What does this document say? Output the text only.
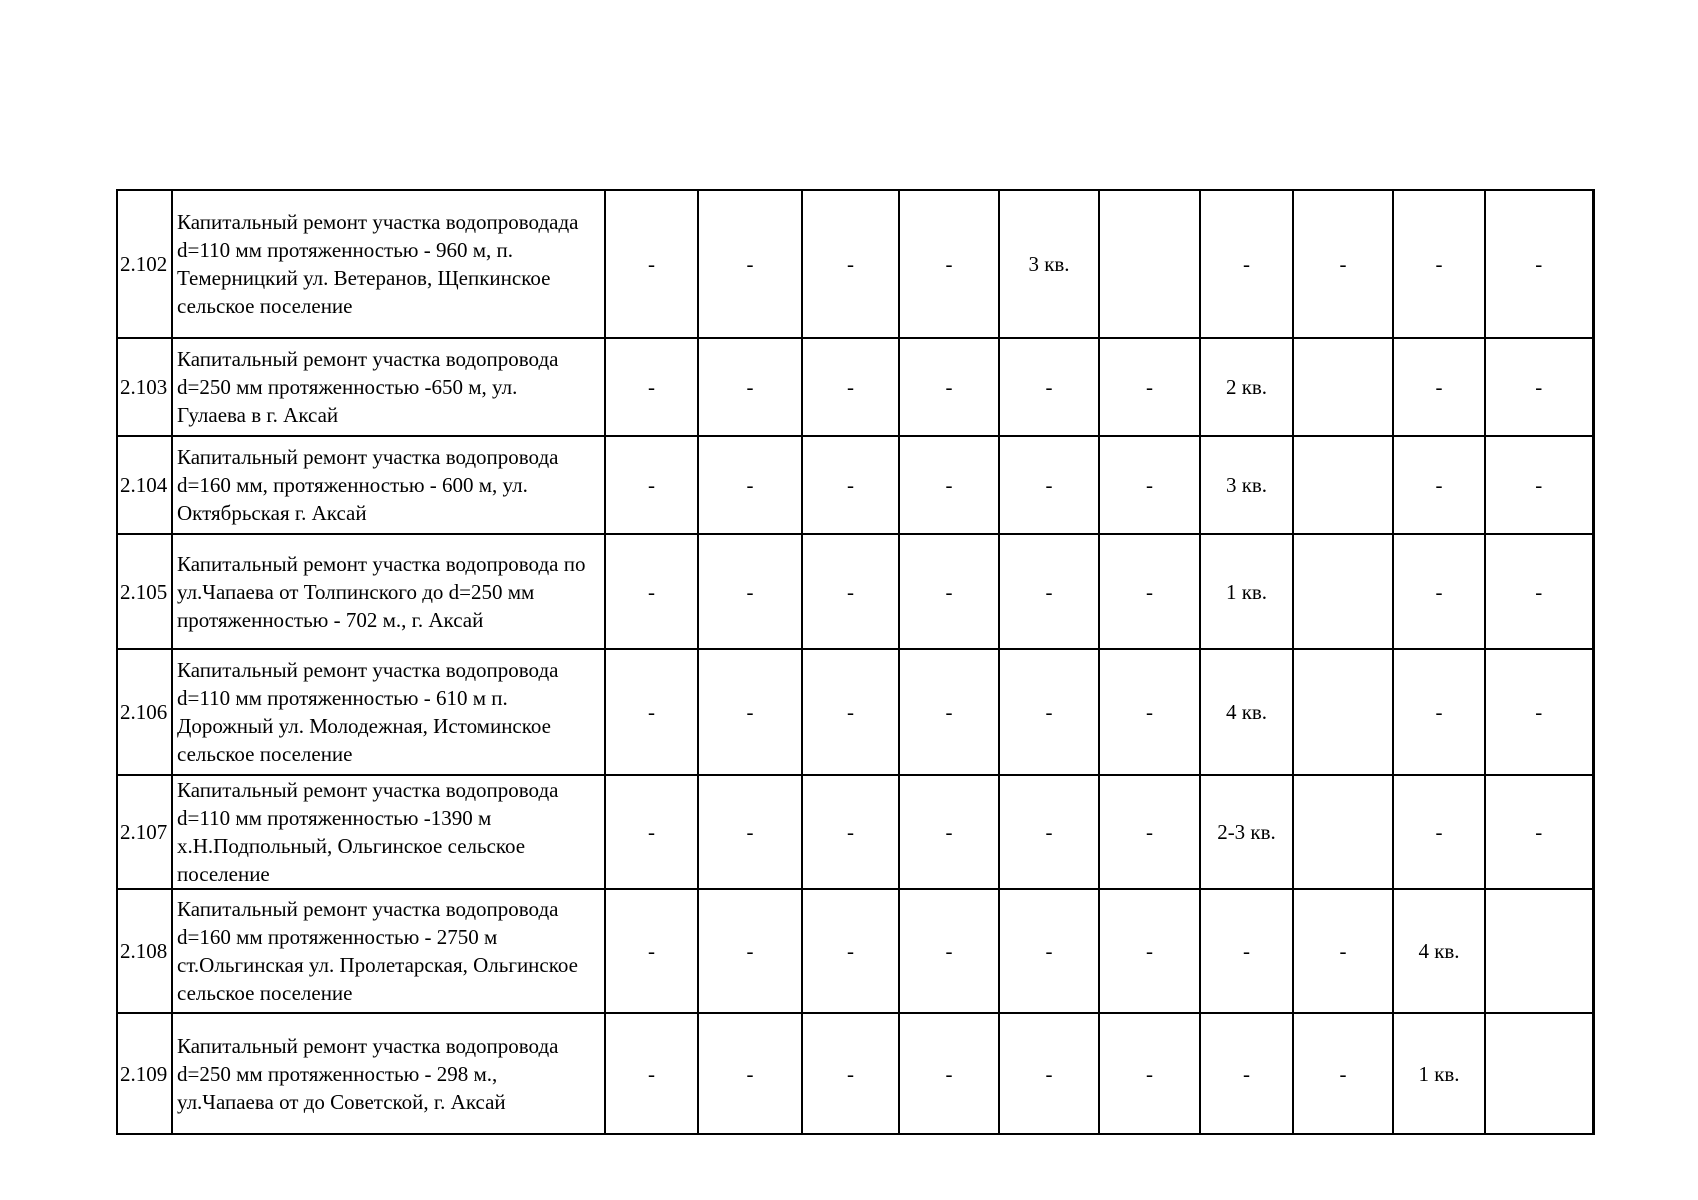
2.102	Капитальный ремонт участка водопроводада
d=110 мм протяженностью - 960 м, п.
Темерницкий ул. Ветеранов, Щепкинское
сельское поселение	-	-	-	-	3 кв.		-	-	-	-
2.103	Капитальный ремонт участка водопровода
d=250 мм протяженностью -650 м, ул.
Гулаева в г. Аксай	-	-	-	-	-	-	2 кв.		-	-
2.104	Капитальный ремонт участка водопровода
d=160 мм, протяженностью - 600 м, ул.
Октябрьская г. Аксай	-	-	-	-	-	-	3 кв.		-	-
2.105	Капитальный ремонт участка водопровода по
ул.Чапаева от Толпинского до d=250 мм
протяженностью - 702 м., г. Аксай	-	-	-	-	-	-	1 кв.		-	-
2.106	Капитальный ремонт участка водопровода
d=110 мм протяженностью - 610 м п.
Дорожный ул. Молодежная, Истоминское
сельское поселение	-	-	-	-	-	-	4 кв.		-	-
2.107	Капитальный ремонт участка водопровода
d=110 мм протяженностью -1390 м
х.Н.Подпольный, Ольгинское сельское
поселение	-	-	-	-	-	-	2-3 кв.		-	-
2.108	Капитальный ремонт участка водопровода
d=160 мм протяженностью - 2750 м
ст.Ольгинская ул. Пролетарская, Ольгинское
сельское поселение	-	-	-	-	-	-	-	-	4 кв.	
2.109	Капитальный ремонт участка водопровода
d=250 мм протяженностью - 298 м.,
ул.Чапаева от до Советской, г. Аксай	-	-	-	-	-	-	-	-	1 кв.	
